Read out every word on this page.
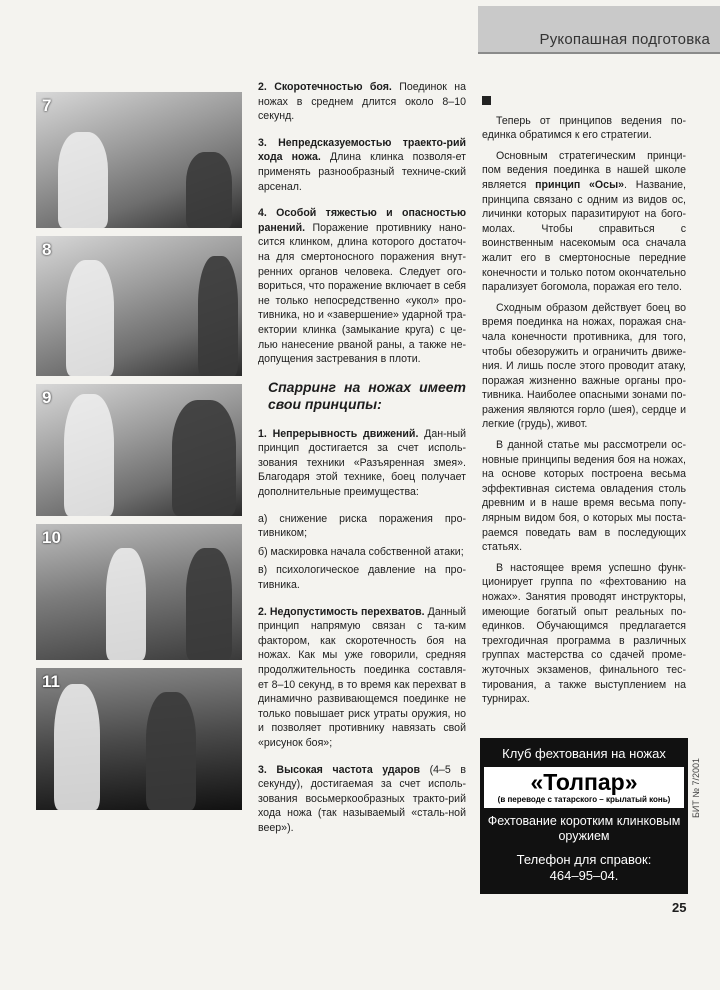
Рукопашная подготовка
7
8
9
10
11

2. Скоротечностью боя. Поединок на ножах в среднем длится около 8–10 секунд.

3. Непредсказуемостью траекто-рий хода ножа. Длина клинка позволя-ет применять разнообразный техниче-ский арсенал.

4. Особой тяжестью и опасностью ранений. Поражение противнику нано-сится клинком, длина которого достаточ-на для смертоносного поражения внут-ренних органов человека. Следует ого-вориться, что поражение включает в себя не только непосредственно «укол» про-тивника, но и «завершение» ударной тра-ектории клинка (замыкание круга) с це-лью нанесение рваной раны, а также не-допущения застревания в плоти.

Спарринг на ножах имеет свои принципы:

1. Непрерывность движений. Дан-ный принцип достигается за счет исполь-зования техники «Разъяренная змея». Благодаря этой технике, боец получает дополнительные преимущества:

а) снижение риска поражения про-тивником;

б) маскировка начала собственной атаки;

в) психологическое давление на про-тивника.

2. Недопустимость перехватов. Данный принцип напрямую связан с та-ким фактором, как скоротечность боя на ножах. Как мы уже говорили, средняя продолжительность поединка составля-ет 8–10 секунд, в то время как перехват в динамично развивающемся поединке не только повышает риск утраты оружия, но и позволяет противнику навязать свой «рисунок боя»;

3. Высокая частота ударов (4–5 в секунду), достигаемая за счет исполь-зования восьмеркообразных тракто-рий хода ножа (так называемый «сталь-ной веер»).

Теперь от принципов ведения по-единка обратимся к его стратегии.

Основным стратегическим принци-пом ведения поединка в нашей школе является принцип «Осы». Название, принципа связано с одним из видов ос, личинки которых паразитируют на бого-молах. Чтобы справиться с воинственным насекомым оса сначала жалит его в смертоносные передние конечности и только потом окончательно парализует богомола, поражая его тело.

Сходным образом действует боец во время поединка на ножах, поражая сна-чала конечности противника, для того, чтобы обезоружить и ограничить движе-ния. И лишь после этого проводит атаку, поражая жизненно важные органы про-тивника. Наиболее опасными зонами по-ражения являются горло (шея), сердце и легкие (грудь), живот.

В данной статье мы рассмотрели ос-новные принципы ведения боя на ножах, на основе которых построена весьма эффективная система овладения столь древним и в наше время весьма попу-лярным видом боя, о которых мы поста-раемся поведать вам в последующих статьях.

В настоящее время успешно функ-ционирует группа по «фехтованию на ножах». Занятия проводят инструкторы, имеющие богатый опыт реальных по-единков. Обучающимся предлагается трехгодичная программа в различных группах мастерства со сдачей проме-жуточных экзаменов, финального тес-тирования, а также выступлением на турнирах.

Клуб фехтования на ножах
«Толпар»
(в переводе с татарского – крылатый конь)
Фехтование коротким клинковым оружием
Телефон для справок:
464–95–04.
БИТ № 7/2001
25
